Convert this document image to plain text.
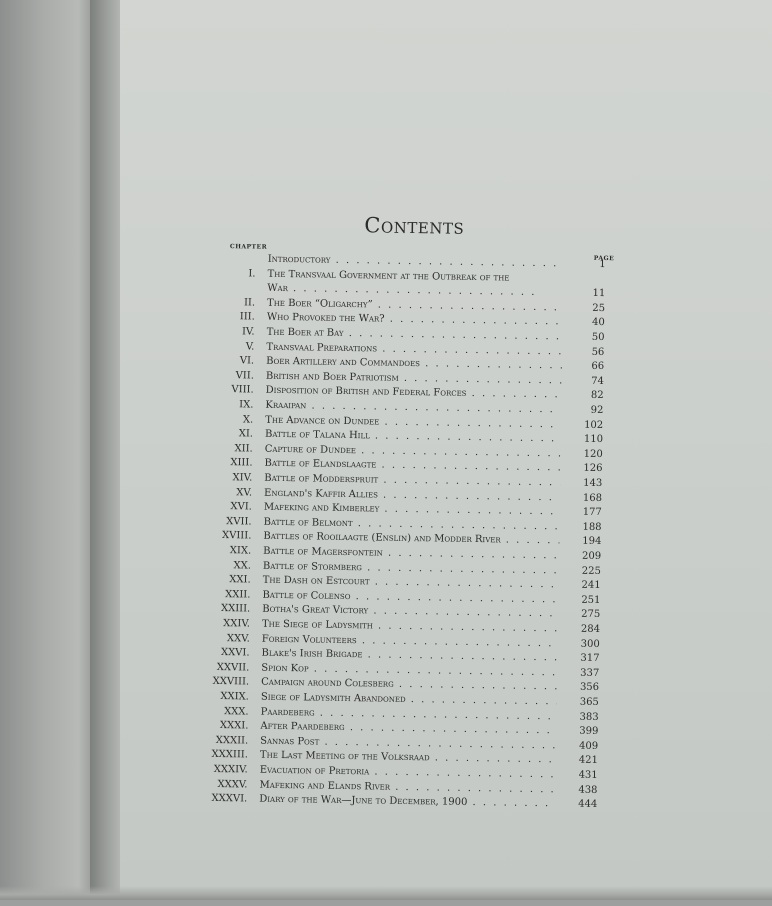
Contents
CHAPTER
PAGE
Introductory . .	1
I.	The Transvaal Government at the Outbreak of the
War . .	11
II.	The Boer “Oligarchy” . .	25
III.	Who Provoked the War? . .	40
IV.	The Boer at Bay . .	50
V.	Transvaal Preparations . .	56
VI.	Boer Artillery and Commandoes . .	66
VII.	British and Boer Patriotism . .	74
VIII.	Disposition of British and Federal Forces . .	82
IX.	Kraaipan . .	92
X.	The Advance on Dundee . .	102
XI.	Battle of Talana Hill . .	110
XII.	Capture of Dundee . .	120
XIII.	Battle of Elandslaagte . .	126
XIV.	Battle of Modderspruit . .	143
XV.	England's Kaffir Allies . .	168
XVI.	Mafeking and Kimberley . .	177
XVII.	Battle of Belmont . .	188
XVIII.	Battles of Rooilaagte (Enslin) and Modder River . .	194
XIX.	Battle of Magersfontein . .	209
XX.	Battle of Stormberg . .	225
XXI.	The Dash on Estcourt . .	241
XXII.	Battle of Colenso . .	251
XXIII.	Botha's Great Victory . .	275
XXIV.	The Siege of Ladysmith . .	284
XXV.	Foreign Volunteers . .	300
XXVI.	Blake's Irish Brigade . .	317
XXVII.	Spion Kop . .	337
XXVIII.	Campaign around Colesberg . .	356
XXIX.	Siege of Ladysmith Abandoned . .	365
XXX.	Paardeberg . .	383
XXXI.	After Paardeberg . .	399
XXXII.	Sannas Post . .	409
XXXIII.	The Last Meeting of the Volksraad . .	421
XXXIV.	Evacuation of Pretoria . .	431
XXXV.	Mafeking and Elands River . .	438
XXXVI.	Diary of the War—June to December, 1900 . .	444
